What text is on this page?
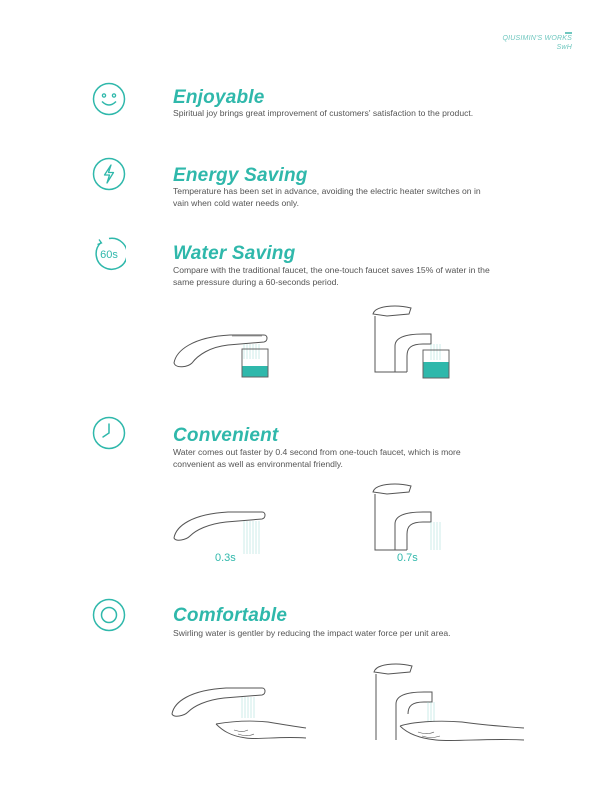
QIUSIMIN'S WORKS
SwH
Enjoyable
Spiritual joy brings great improvement of customers' satisfaction to the product.
Energy Saving
Temperature has been set in advance, avoiding the electric heater switches on in vain when cold water needs only.
60s	Water Saving
Compare with the traditional faucet, the one-touch faucet saves 15% of water in the same pressure during a 60-seconds period.
Convenient
Water comes out faster by 0.4 second from one-touch faucet, which is more convenient as well as environmental friendly.
0.3s	0.7s
Comfortable
Swirling water is gentler by reducing the impact water force per unit area.
